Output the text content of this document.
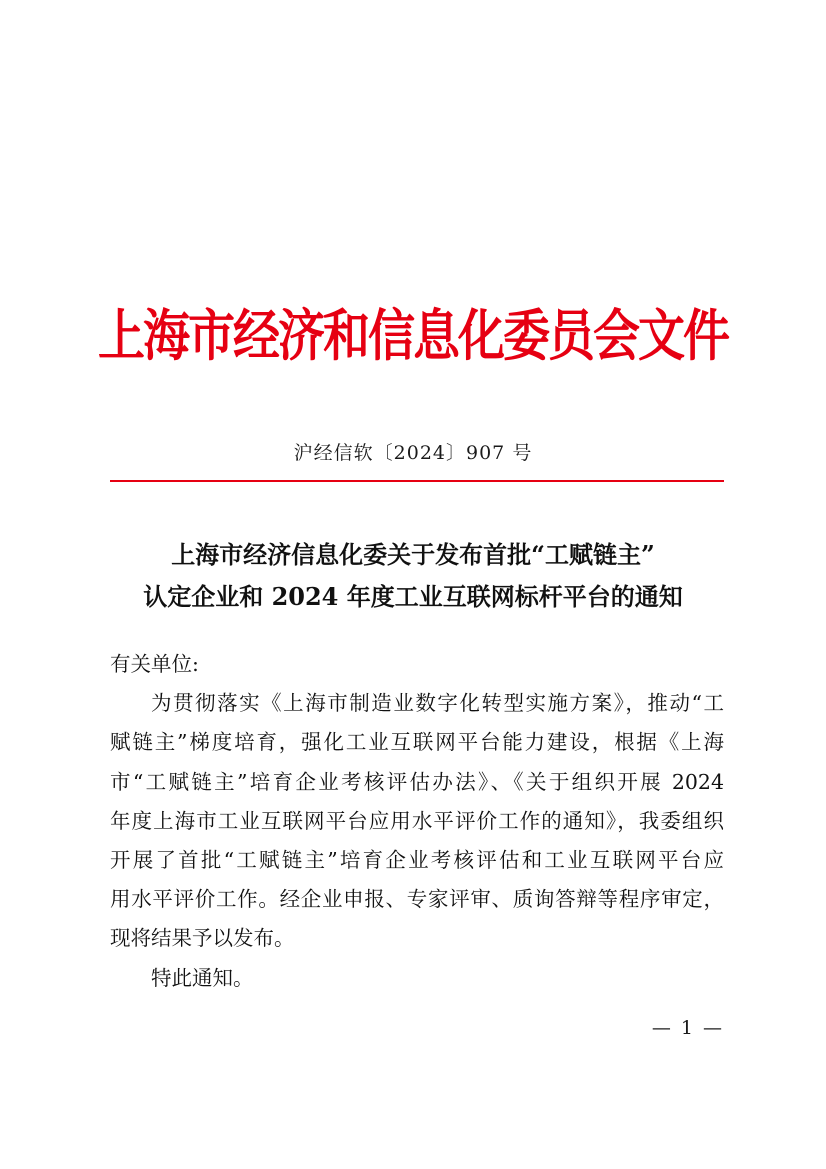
上海市经济和信息化委员会文件
沪经信软〔2024〕907 号
上海市经济信息化委关于发布首批“工赋链主”
认定企业和 2024 年度工业互联网标杆平台的通知
有关单位:
为贯彻落实《上海市制造业数字化转型实施方案》，推动“工
赋链主”梯度培育，强化工业互联网平台能力建设，根据《上海
市“工赋链主”培育企业考核评估办法》、《关于组织开展 2024
年度上海市工业互联网平台应用水平评价工作的通知》，我委组织
开展了首批“工赋链主”培育企业考核评估和工业互联网平台应
用水平评价工作。经企业申报、专家评审、质询答辩等程序审定，
现将结果予以发布。
特此通知。
— 1 —
